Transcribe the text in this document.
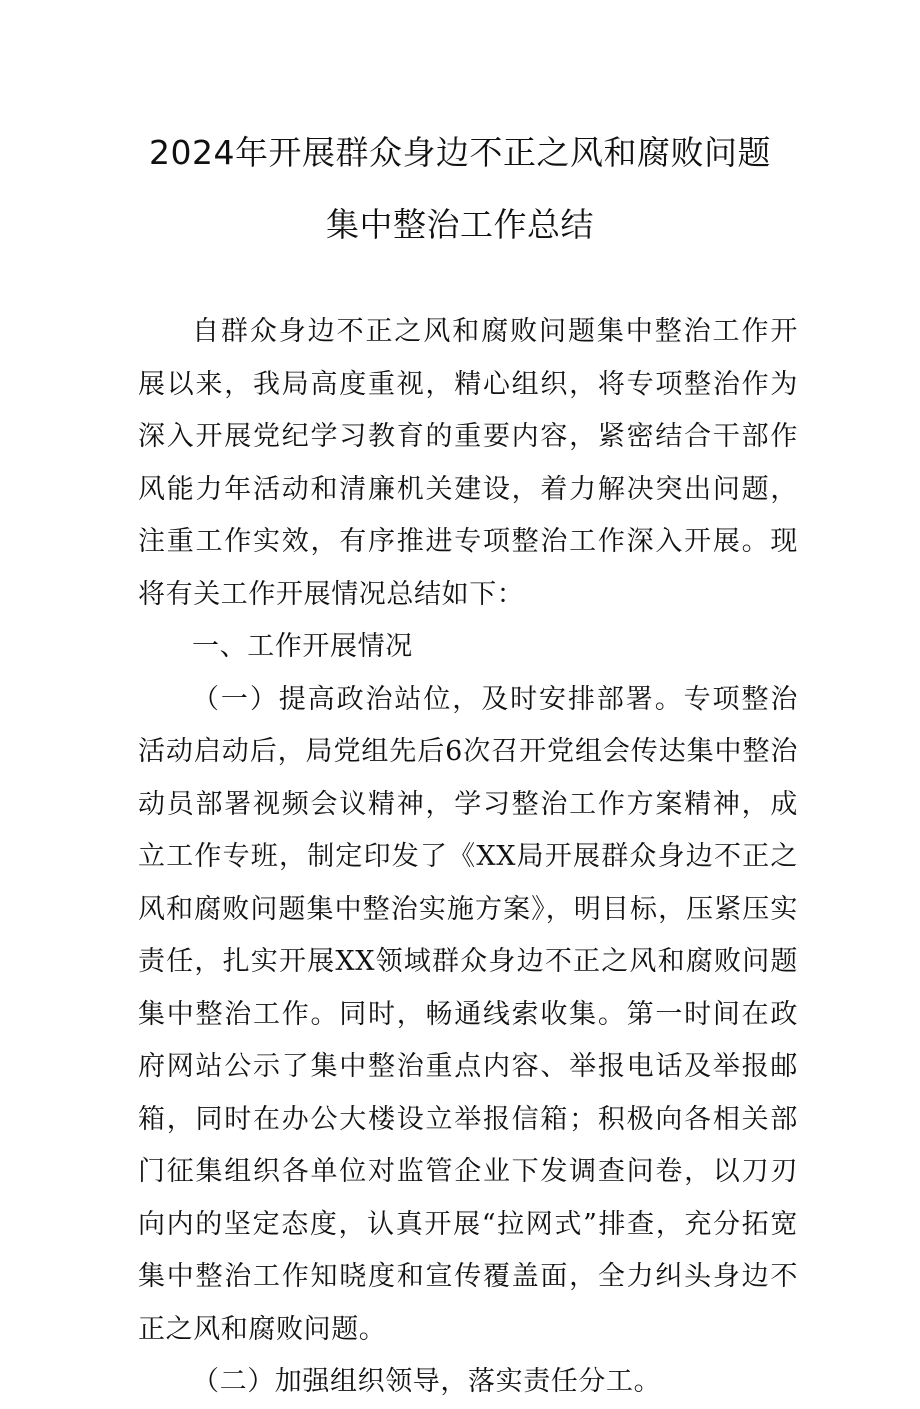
2024年开展群众身边不正之风和腐败问题
集中整治工作总结

自群众身边不正之风和腐败问题集中整治工作开展以来，我局高度重视，精心组织，将专项整治作为深入开展党纪学习教育的重要内容，紧密结合干部作风能力年活动和清廉机关建设，着力解决突出问题，注重工作实效，有序推进专项整治工作深入开展。现将有关工作开展情况总结如下：

一、工作开展情况

（一）提高政治站位，及时安排部署。专项整治活动启动后，局党组先后6次召开党组会传达集中整治动员部署视频会议精神，学习整治工作方案精神，成立工作专班，制定印发了《XX局开展群众身边不正之风和腐败问题集中整治实施方案》，明目标，压紧压实责任，扎实开展XX领域群众身边不正之风和腐败问题集中整治工作。同时，畅通线索收集。第一时间在政府网站公示了集中整治重点内容、举报电话及举报邮箱，同时在办公大楼设立举报信箱；积极向各相关部门征集组织各单位对监管企业下发调查问卷，以刀刃向内的坚定态度，认真开展“拉网式”排查，充分拓宽集中整治工作知晓度和宣传覆盖面，全力纠头身边不正之风和腐败问题。

（二）加强组织领导，落实责任分工。
